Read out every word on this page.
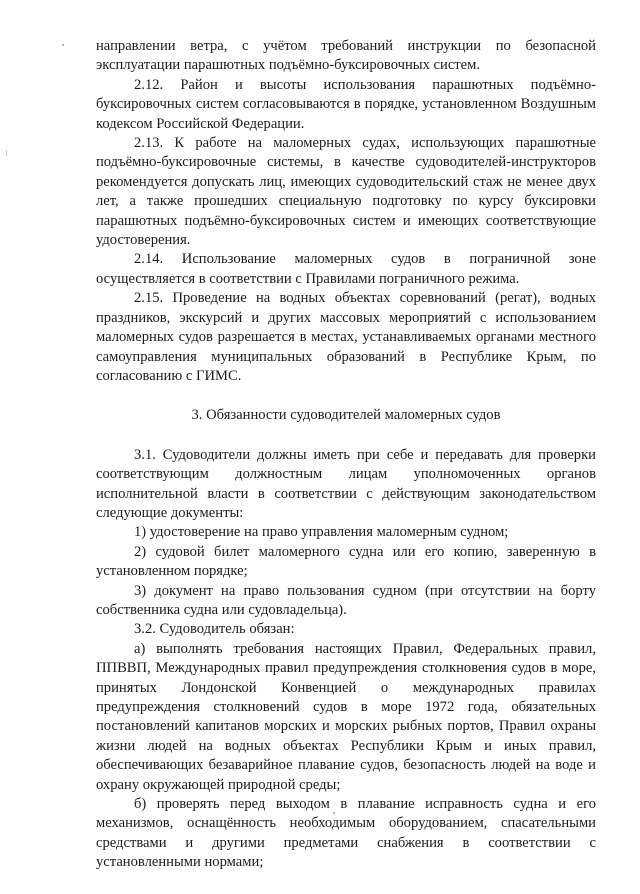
направлении ветра, с учётом требований инструкции по безопасной эксплуатации парашютных подъёмно-буксировочных систем.

2.12. Район и высоты использования парашютных подъёмно-буксировочных систем согласовываются в порядке, установленном Воздушным кодексом Российской Федерации.

2.13. К работе на маломерных судах, использующих парашютные подъёмно-буксировочные системы, в качестве судоводителей-инструкторов рекомендуется допускать лиц, имеющих судоводительский стаж не менее двух лет, а также прошедших специальную подготовку по курсу буксировки парашютных подъёмно-буксировочных систем и имеющих соответствующие удостоверения.

2.14. Использование маломерных судов в пограничной зоне осуществляется в соответствии с Правилами пограничного режима.

2.15. Проведение на водных объектах соревнований (регат), водных праздников, экскурсий и других массовых мероприятий с использованием маломерных судов разрешается в местах, устанавливаемых органами местного самоуправления муниципальных образований в Республике Крым, по согласованию с ГИМС.

3. Обязанности судоводителей маломерных судов

3.1. Судоводители должны иметь при себе и передавать для проверки соответствующим должностным лицам уполномоченных органов исполнительной власти в соответствии с действующим законодательством следующие документы:

1) удостоверение на право управления маломерным судном;

2) судовой билет маломерного судна или его копию, заверенную в установленном порядке;

3) документ на право пользования судном (при отсутствии на борту собственника судна или судовладельца).

3.2. Судоводитель обязан:

а) выполнять требования настоящих Правил, Федеральных правил, ППВВП, Международных правил предупреждения столкновения судов в море, принятых Лондонской Конвенцией о международных правилах предупреждения столкновений судов в море 1972 года, обязательных постановлений капитанов морских и морских рыбных портов, Правил охраны жизни людей на водных объектах Республики Крым и иных правил, обеспечивающих безаварийное плавание судов, безопасность людей на воде и охрану окружающей природной среды;

б) проверять перед выходом в плавание исправность судна и его механизмов, оснащённость необходимым оборудованием, спасательными средствами и другими предметами снабжения в соответствии с установленными нормами;
